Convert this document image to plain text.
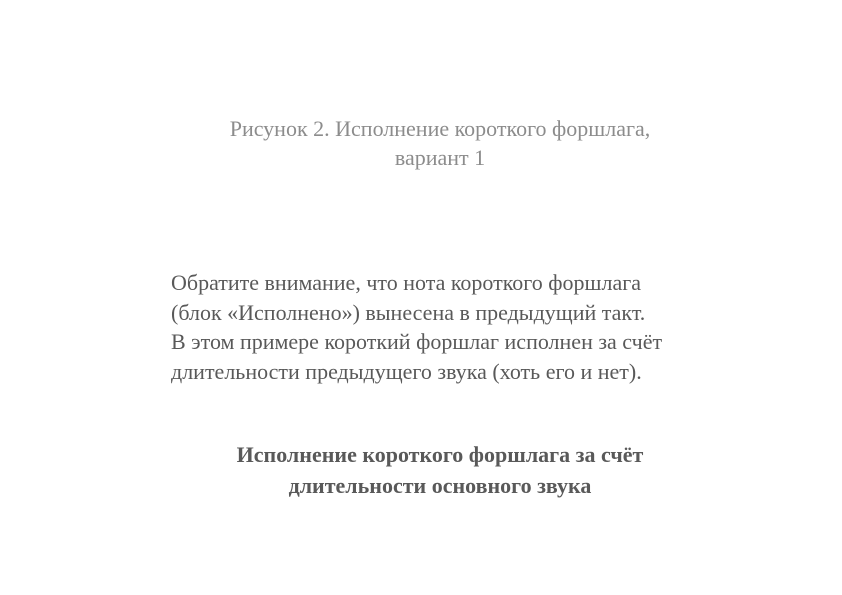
Рисунок 2. Исполнение короткого форшлага,
вариант 1
Обратите внимание, что нота короткого форшлага
(блок «Исполнено») вынесена в предыдущий такт.
В этом примере короткий форшлаг исполнен за счёт
длительности предыдущего звука (хоть его и нет).
Исполнение короткого форшлага за счёт
длительности основного звука
